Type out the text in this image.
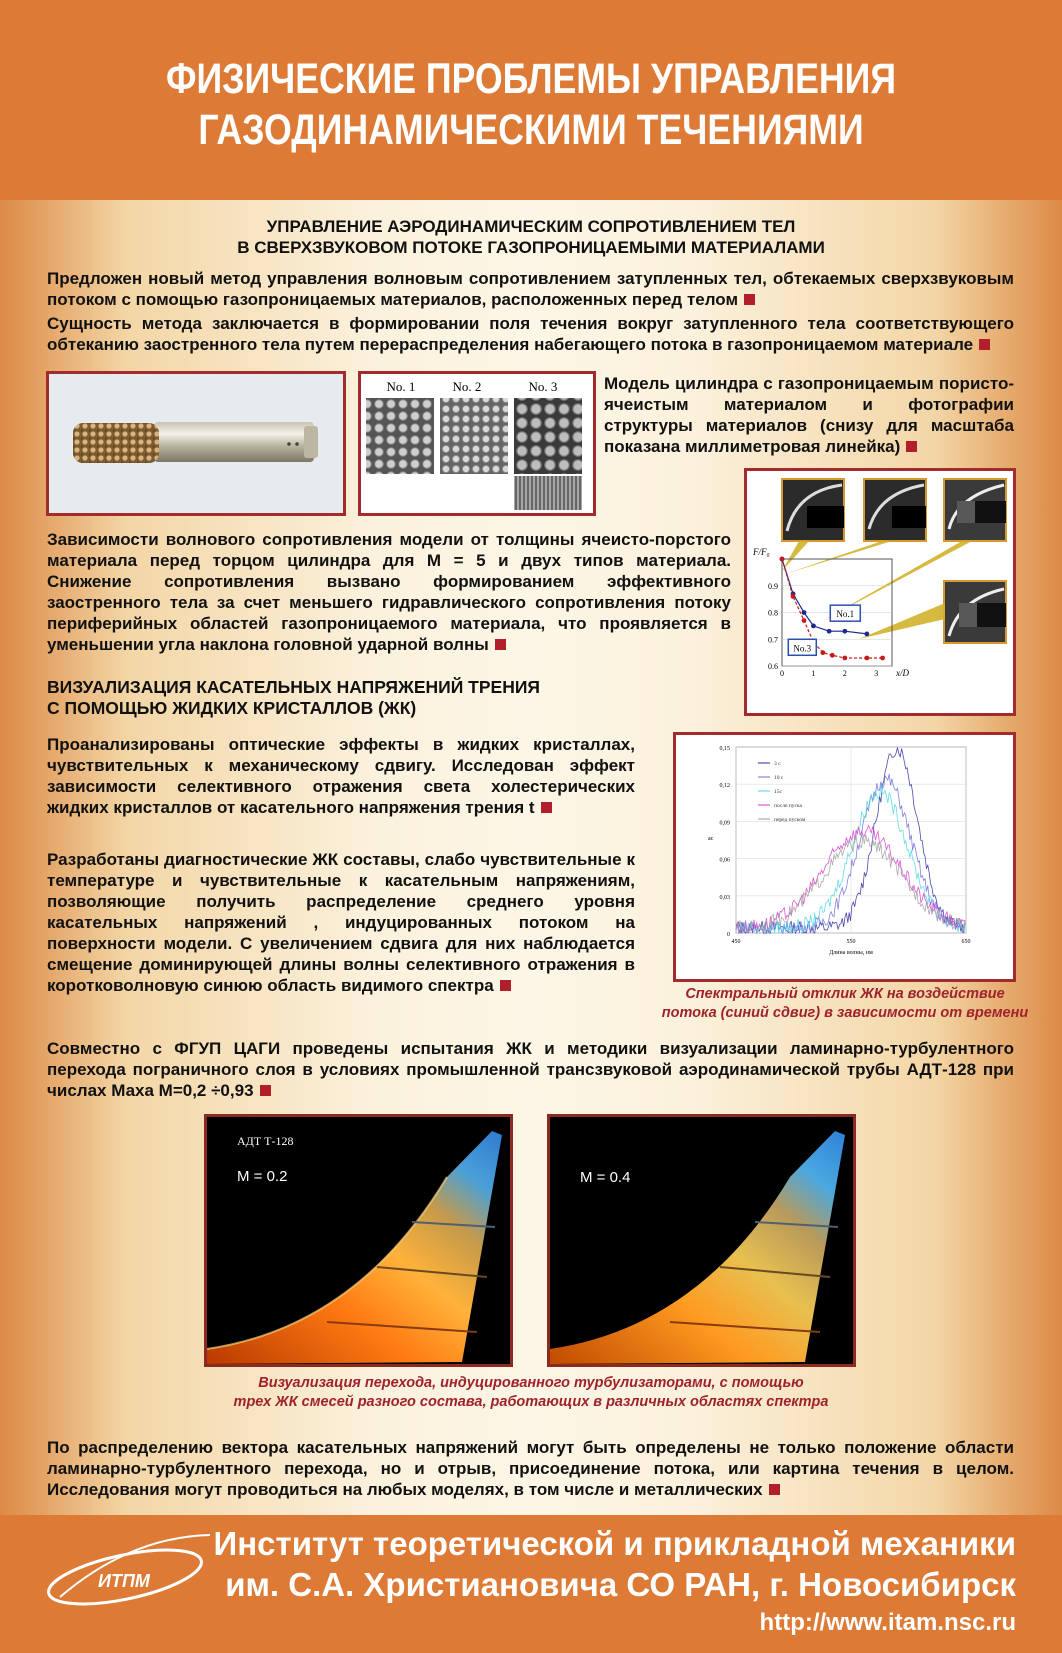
ФИЗИЧЕСКИЕ ПРОБЛЕМЫ УПРАВЛЕНИЯ
ГАЗОДИНАМИЧЕСКИМИ ТЕЧЕНИЯМИ
УПРАВЛЕНИЕ АЭРОДИНАМИЧЕСКИМ СОПРОТИВЛЕНИЕМ ТЕЛ
В СВЕРХЗВУКОВОМ ПОТОКЕ ГАЗОПРОНИЦАЕМЫМИ МАТЕРИАЛАМИ

Предложен новый метод управления волновым сопротивлением затупленных тел, обтекаемых сверхзвуковым потоком с помощью газопроницаемых материалов, расположенных перед телом

Сущность метода заключается в формировании поля течения вокруг затупленного тела соответствующего обтеканию заостренного тела путем перераспределения набегающего потока в газопроницаемом материале

No. 1	No. 2	No. 3	Модель цилиндра с газопроницаемым пористо-ячеистым материалом и фотографии структуры материалов (снизу для масштаба показана миллиметровая линейка)

0.6
0.7
0.8
0.9
0	1	2	3
F/F₀
x/D
No.1
No.3

Зависимости волнового сопротивления модели от толщины ячеисто-порстого материала перед торцом цилиндра для М = 5 и двух типов материала. Снижение сопротивления вызвано формированием эффективного заостренного тела за счет меньшего гидравлического сопротивления потоку периферийных областей газопроницаемого материала, что проявляется в уменьшении угла наклона головной ударной волны

ВИЗУАЛИЗАЦИЯ КАСАТЕЛЬНЫХ НАПРЯЖЕНИЙ ТРЕНИЯ
С ПОМОЩЬЮ ЖИДКИХ КРИСТАЛЛОВ (ЖК)

Проанализированы оптические эффекты в жидких кристаллах, чувствительных к механическому сдвигу. Исследован эффект зависимости селективного отражения света холестерических жидких кристаллов от касательного напряжения трения t

Разработаны диагностические ЖК составы, слабо чувствительные к температуре и чувствительные к касательным напряжениям, позволяющие получить распределение среднего уровня касательных напряжений , индуцированных потоком на поверхности модели. С увеличением сдвига для них наблюдается смещение доминирующей длины волны селективного отражения в коротковолновую синюю область видимого спектра

0
0,03
0,06
0,09
0,12
0,15
450	550	650
Длина волны, нм
ac
3 с
10 с
15с
после пуска
перед пуском
Спектральный отклик ЖК на воздействие
потока (синий сдвиг) в зависимости от времени

Совместно с ФГУП ЦАГИ проведены испытания ЖК и методики визуализации ламинарно-турбулентного перехода пограничного слоя в условиях промышленной трансзвуковой аэродинамической трубы АДТ-128 при числах Маха М=0,2 ÷0,93

АДТ Т-128
M = 0.2	M = 0.4
Визуализация перехода, индуцированного турбулизаторами, с помощью
трех ЖК смесей разного состава, работающих в различных областях спектра

По распределению вектора касательных напряжений могут быть определены не только положение области ламинарно-турбулентного перехода, но и отрыв, присоединение потока, или картина течения в целом. Исследования могут проводиться на любых моделях, в том числе и металлических

ИТПМ
Институт теоретической и прикладной механики
им. С.А. Христиановича СО РАН, г. Новосибирск
http://www.itam.nsc.ru
